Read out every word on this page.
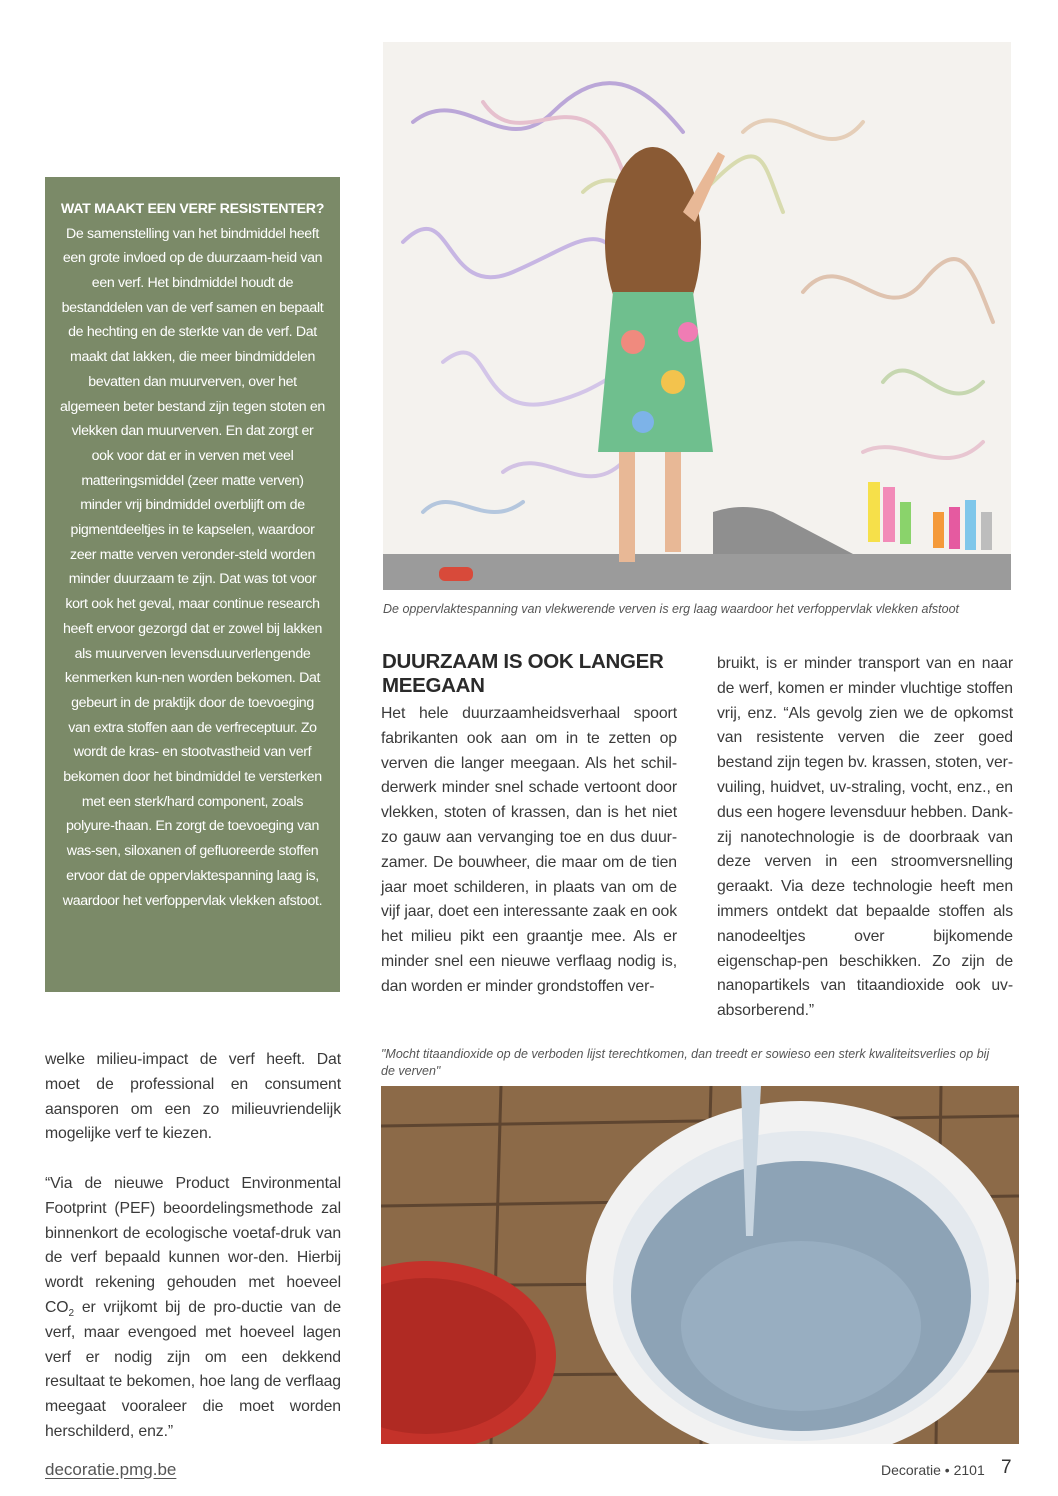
De oppervlaktespanning van vlekwerende verven is erg laag waardoor het verfoppervlak vlekken afstoot
WAT MAAKT EEN VERF RESISTENTER?
De samenstelling van het bindmiddel heeft een grote invloed op de duurzaam-heid van een verf. Het bindmiddel houdt de bestanddelen van de verf samen en bepaalt de hechting en de sterkte van de verf. Dat maakt dat lakken, die meer bindmiddelen bevatten dan muurverven, over het algemeen beter bestand zijn tegen stoten en vlekken dan muurverven. En dat zorgt er ook voor dat er in verven met veel matteringsmiddel (zeer matte verven) minder vrij bindmiddel overblijft om de pigmentdeeltjes in te kapselen, waardoor zeer matte verven veronder-steld worden minder duurzaam te zijn. Dat was tot voor kort ook het geval, maar continue research heeft ervoor gezorgd dat er zowel bij lakken als muurverven levensduurverlengende kenmerken kun-nen worden bekomen. Dat gebeurt in de praktijk door de toevoeging van extra stoffen aan de verfreceptuur. Zo wordt de kras- en stootvastheid van verf bekomen door het bindmiddel te versterken met een sterk/hard component, zoals polyure-thaan. En zorgt de toevoeging van was-sen, siloxanen of gefluoreerde stoffen ervoor dat de oppervlaktespanning laag is, waardoor het verfoppervlak vlekken afstoot.
DUURZAAM IS OOK LANGER MEEGAAN

Het hele duurzaamheidsverhaal spoort fabrikanten ook aan om in te zetten op verven die langer meegaan. Als het schil-derwerk minder snel schade vertoont door vlekken, stoten of krassen, dan is het niet zo gauw aan vervanging toe en dus duur-zamer. De bouwheer, die maar om de tien jaar moet schilderen, in plaats van om de vijf jaar, doet een interessante zaak en ook het milieu pikt een graantje mee. Als er minder snel een nieuwe verflaag nodig is, dan worden er minder grondstoffen ver-

bruikt, is er minder transport van en naar de werf, komen er minder vluchtige stoffen vrij, enz. “Als gevolg zien we de opkomst van resistente verven die zeer goed bestand zijn tegen bv. krassen, stoten, ver-vuiling, huidvet, uv-straling, vocht, enz., en dus een hogere levensduur hebben. Dank-zij nanotechnologie is de doorbraak van deze verven in een stroomversnelling geraakt. Via deze technologie heeft men immers ontdekt dat bepaalde stoffen als nanodeeltjes over bijkomende eigenschap-pen beschikken. Zo zijn de nanopartikels van titaandioxide ook uv-absorberend.”

welke milieu-impact de verf heeft. Dat moet de professional en consument aansporen om een zo milieuvriendelijk mogelijke verf te kiezen.

“Via de nieuwe Product Environmental Footprint (PEF) beoordelingsmethode zal binnenkort de ecologische voetaf-druk van de verf bepaald kunnen wor-den. Hierbij wordt rekening gehouden met hoeveel $CO_2$ er vrijkomt bij de pro-ductie van de verf, maar evengoed met hoeveel lagen verf er nodig zijn om een dekkend resultaat te bekomen, hoe lang de verflaag meegaat vooraleer die moet worden herschilderd, enz.”

"Mocht titaandioxide op de verboden lijst terechtkomen, dan treedt er sowieso een sterk kwaliteitsverlies op bij de verven"
decoratie.pmg.be	Decoratie • 2101 7
